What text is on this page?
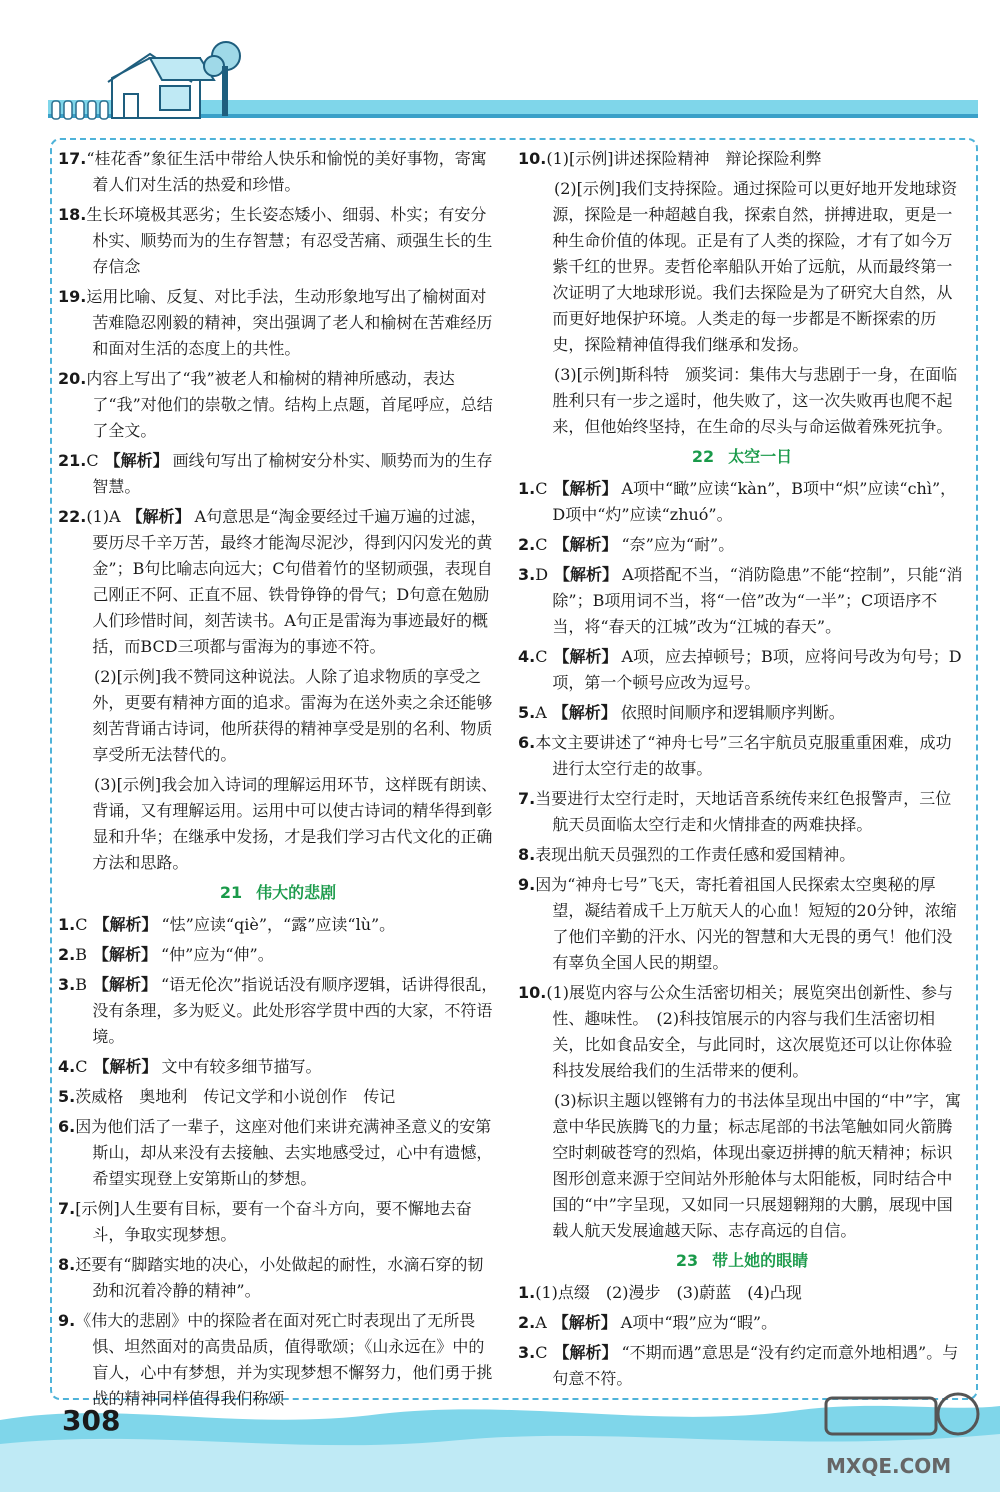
17.“桂花香”象征生活中带给人快乐和愉悦的美好事物，寄寓着人们对生活的热爱和珍惜。
18.生长环境极其恶劣；生长姿态矮小、细弱、朴实；有安分朴实、顺势而为的生存智慧；有忍受苦痛、顽强生长的生存信念
19.运用比喻、反复、对比手法，生动形象地写出了榆树面对苦难隐忍刚毅的精神，突出强调了老人和榆树在苦难经历和面对生活的态度上的共性。
20.内容上写出了“我”被老人和榆树的精神所感动，表达了“我”对他们的崇敬之情。结构上点题，首尾呼应，总结了全文。
21.C 【解析】 画线句写出了榆树安分朴实、顺势而为的生存智慧。
22.(1)A 【解析】 A句意思是“淘金要经过千遍万遍的过滤，要历尽千辛万苦，最终才能淘尽泥沙，得到闪闪发光的黄金”；B句比喻志向远大；C句借着竹的坚韧顽强，表现自己刚正不阿、正直不屈、铁骨铮铮的骨气；D句意在勉励人们珍惜时间，刻苦读书。A句正是雷海为事迹最好的概括，而BCD三项都与雷海为的事迹不符。
(2)[示例]我不赞同这种说法。人除了追求物质的享受之外，更要有精神方面的追求。雷海为在送外卖之余还能够刻苦背诵古诗词，他所获得的精神享受是别的名利、物质享受所无法替代的。
(3)[示例]我会加入诗词的理解运用环节，这样既有朗读、背诵，又有理解运用。运用中可以使古诗词的精华得到彰显和升华；在继承中发扬，才是我们学习古代文化的正确方法和思路。
21 伟大的悲剧
1.C 【解析】 “怯”应读“qiè”，“露”应读“lù”。
2.B 【解析】 “仲”应为“伸”。
3.B 【解析】 “语无伦次”指说话没有顺序逻辑，话讲得很乱，没有条理，多为贬义。此处形容学贯中西的大家，不符语境。
4.C 【解析】 文中有较多细节描写。
5.茨威格　奥地利　传记文学和小说创作　传记
6.因为他们活了一辈子，这座对他们来讲充满神圣意义的安第斯山，却从来没有去接触、去实地感受过，心中有遗憾，希望实现登上安第斯山的梦想。
7.[示例]人生要有目标，要有一个奋斗方向，要不懈地去奋斗，争取实现梦想。
8.还要有“脚踏实地的决心，小处做起的耐性，水滴石穿的韧劲和沉着冷静的精神”。
9.《伟大的悲剧》中的探险者在面对死亡时表现出了无所畏惧、坦然面对的高贵品质，值得歌颂；《山永远在》中的盲人，心中有梦想，并为实现梦想不懈努力，他们勇于挑战的精神同样值得我们称颂
10.(1)[示例]讲述探险精神　辩论探险利弊
(2)[示例]我们支持探险。通过探险可以更好地开发地球资源，探险是一种超越自我，探索自然，拼搏进取，更是一种生命价值的体现。正是有了人类的探险，才有了如今万紫千红的世界。麦哲伦率船队开始了远航，从而最终第一次证明了大地球形说。我们去探险是为了研究大自然，从而更好地保护环境。人类走的每一步都是不断探索的历史，探险精神值得我们继承和发扬。
(3)[示例]斯科特　颁奖词：集伟大与悲剧于一身，在面临胜利只有一步之遥时，他失败了，这一次失败再也爬不起来，但他始终坚持，在生命的尽头与命运做着殊死抗争。
22 太空一日
1.C 【解析】 A项中“瞰”应读“kàn”，B项中“炽”应读“chì”，D项中“灼”应读“zhuó”。
2.C 【解析】 “奈”应为“耐”。
3.D 【解析】 A项搭配不当，“消防隐患”不能“控制”，只能“消除”；B项用词不当，将“一倍”改为“一半”；C项语序不当，将“春天的江城”改为“江城的春天”。
4.C 【解析】 A项，应去掉顿号；B项，应将问号改为句号；D项，第一个顿号应改为逗号。
5.A 【解析】 依照时间顺序和逻辑顺序判断。
6.本文主要讲述了“神舟七号”三名宇航员克服重重困难，成功进行太空行走的故事。
7.当要进行太空行走时，天地话音系统传来红色报警声，三位航天员面临太空行走和火情排查的两难抉择。
8.表现出航天员强烈的工作责任感和爱国精神。
9.因为“神舟七号”飞天，寄托着祖国人民探索太空奥秘的厚望，凝结着成千上万航天人的心血！短短的20分钟，浓缩了他们辛勤的汗水、闪光的智慧和大无畏的勇气！他们没有辜负全国人民的期望。
10.(1)展览内容与公众生活密切相关；展览突出创新性、参与性、趣味性。　(2)科技馆展示的内容与我们生活密切相关，比如食品安全，与此同时，这次展览还可以让你体验科技发展给我们的生活带来的便利。
(3)标识主题以铿锵有力的书法体呈现出中国的“中”字，寓意中华民族腾飞的力量；标志尾部的书法笔触如同火箭腾空时刺破苍穹的烈焰，体现出豪迈拼搏的航天精神；标识图形创意来源于空间站外形舱体与太阳能板，同时结合中国的“中”字呈现，又如同一只展翅翱翔的大鹏，展现中国载人航天发展逾越天际、志存高远的自信。
23 带上她的眼睛
1.(1)点缀　(2)漫步　(3)蔚蓝　(4)凸现
2.A 【解析】 A项中“瑕”应为“暇”。
3.C 【解析】 “不期而遇”意思是“没有约定而意外地相遇”。与句意不符。
308
MXQE.COM
